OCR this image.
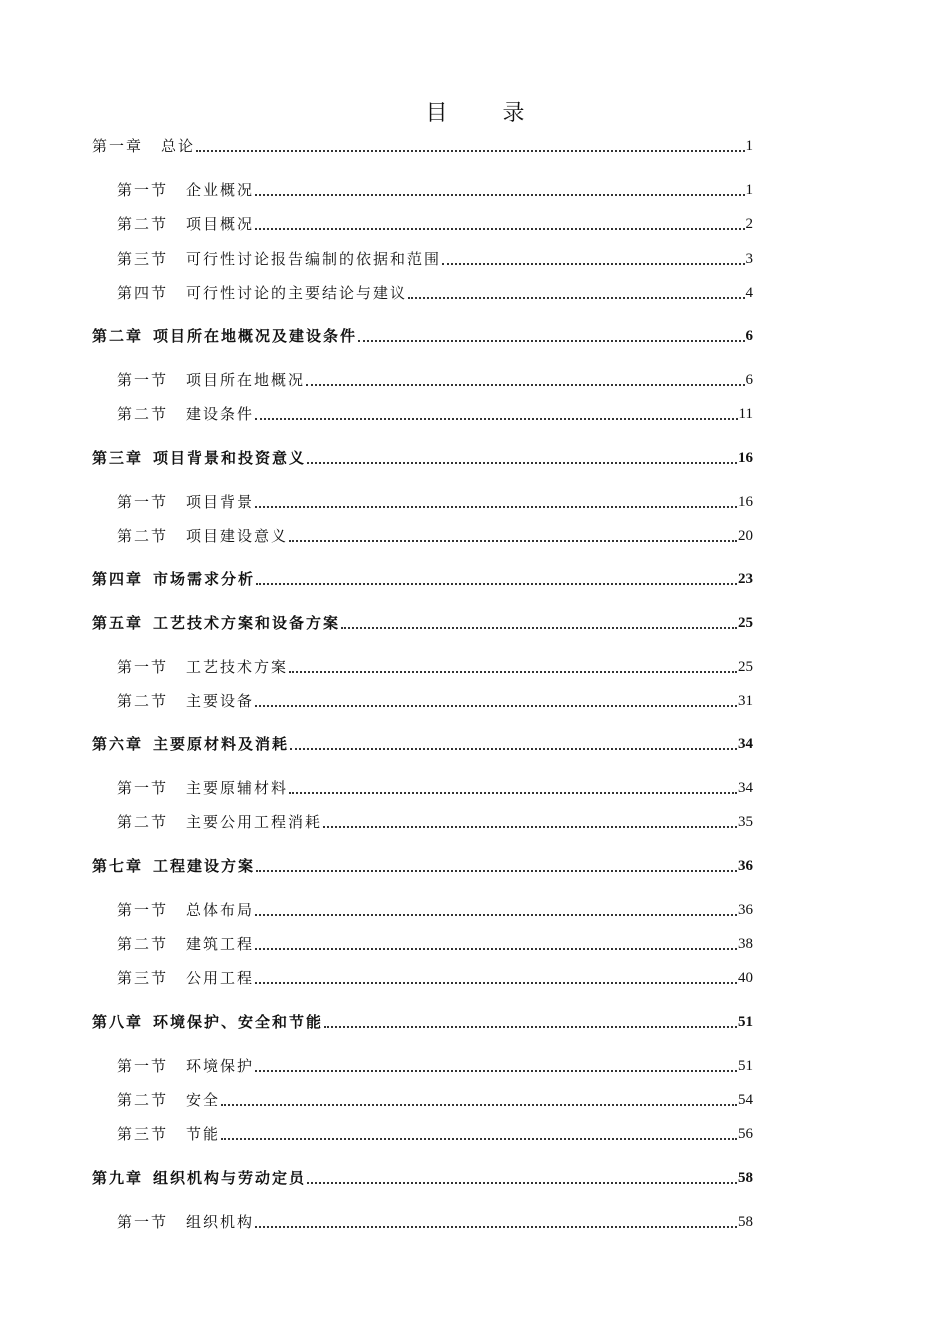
目 录
第一章 总论	1
第一节 企业概况	1
第二节 项目概况	2
第三节 可行性讨论报告编制的依据和范围	3
第四节 可行性讨论的主要结论与建议	4
第二章 项目所在地概况及建设条件	6
第一节 项目所在地概况	6
第二节 建设条件	11
第三章 项目背景和投资意义	16
第一节 项目背景	16
第二节 项目建设意义	20
第四章 市场需求分析	23
第五章 工艺技术方案和设备方案	25
第一节 工艺技术方案	25
第二节 主要设备	31
第六章 主要原材料及消耗	34
第一节 主要原辅材料	34
第二节 主要公用工程消耗	35
第七章 工程建设方案	36
第一节 总体布局	36
第二节 建筑工程	38
第三节 公用工程	40
第八章 环境保护、安全和节能	51
第一节 环境保护	51
第二节 安全	54
第三节 节能	56
第九章 组织机构与劳动定员	58
第一节 组织机构	58
